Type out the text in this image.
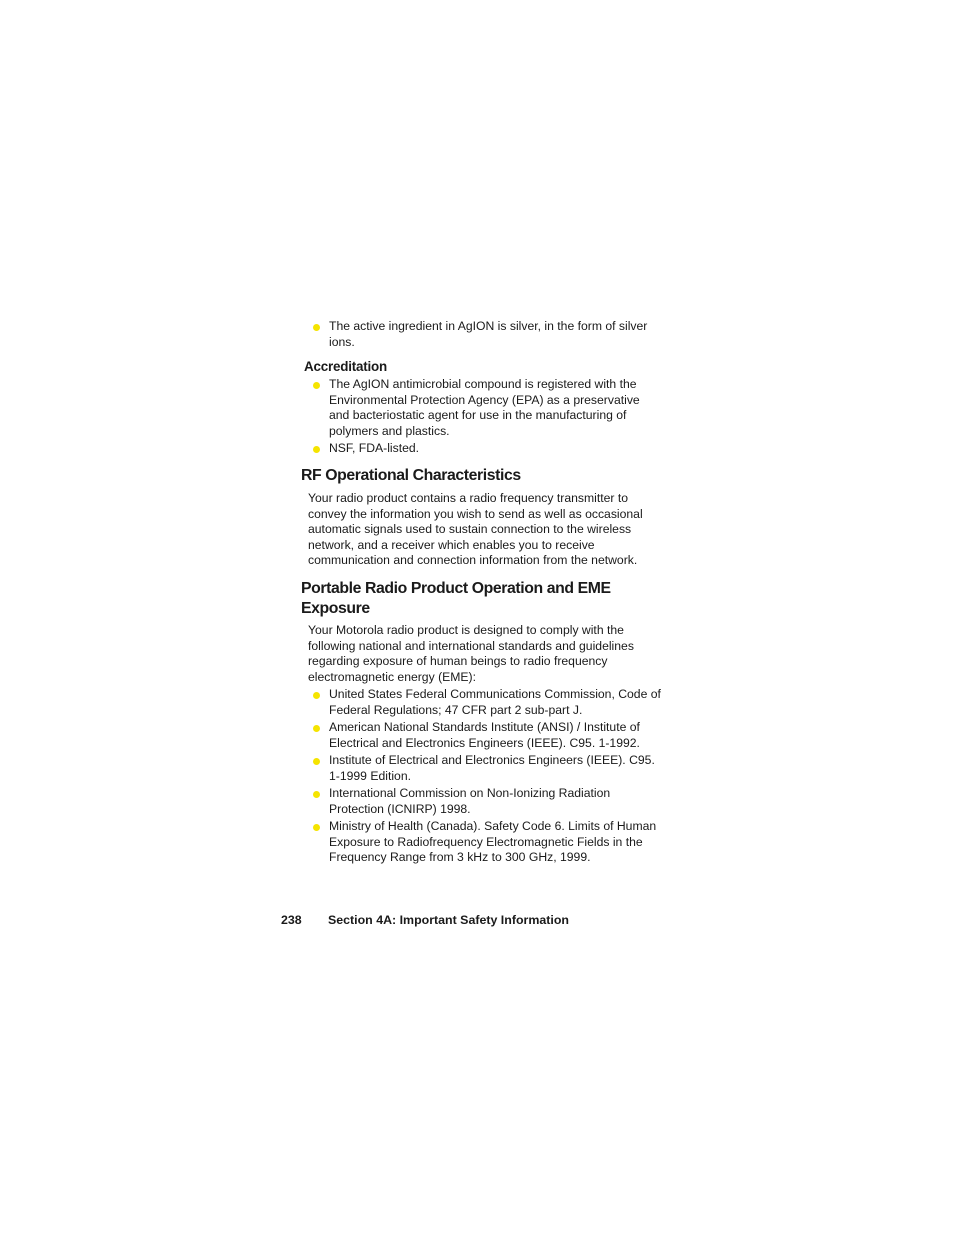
The active ingredient in AgION is silver, in the form of silver ions.
Accreditation
The AgION antimicrobial compound is registered with the Environmental Protection Agency (EPA) as a preservative and bacteriostatic agent for use in the manufacturing of polymers and plastics.
NSF, FDA-listed.
RF Operational Characteristics

Your radio product contains a radio frequency transmitter to convey the information you wish to send as well as occasional automatic signals used to sustain connection to the wireless network, and a receiver which enables you to receive communication and connection information from the network.

Portable Radio Product Operation and EME Exposure

Your Motorola radio product is designed to comply with the following national and international standards and guidelines regarding exposure of human beings to radio frequency electromagnetic energy (EME):

United States Federal Communications Commission, Code of Federal Regulations; 47 CFR part 2 sub-part J.
American National Standards Institute (ANSI) / Institute of Electrical and Electronics Engineers (IEEE). C95. 1-1992.
Institute of Electrical and Electronics Engineers (IEEE). C95. 1-1999 Edition.
International Commission on Non-Ionizing Radiation Protection (ICNIRP) 1998.
Ministry of Health (Canada). Safety Code 6. Limits of Human Exposure to Radiofrequency Electromagnetic Fields in the Frequency Range from 3 kHz to 300 GHz, 1999.
238 Section 4A: Important Safety Information
